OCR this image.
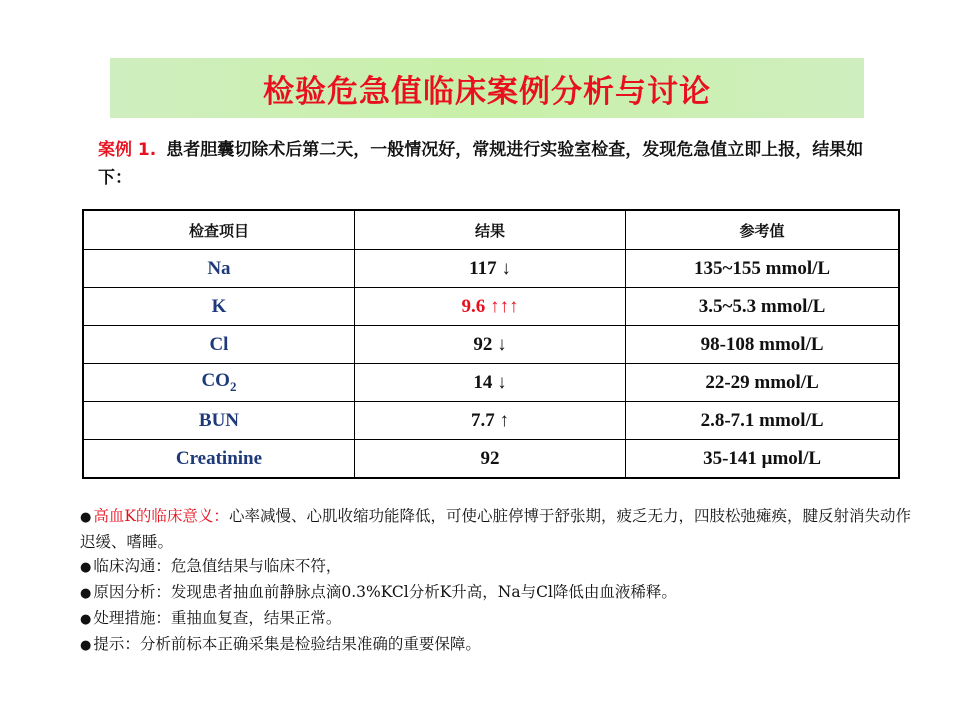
检验危急值临床案例分析与讨论
案例 1. 患者胆囊切除术后第二天，一般情况好，常规进行实验室检查，发现危急值立即上报，结果如下：
检查项目	结果	参考值
Na	117 ↓	135~155 mmol/L
K	9.6 ↑↑↑	3.5~5.3 mmol/L
Cl	92 ↓	98-108 mmol/L
$CO_2$	14 ↓	22-29 mmol/L
BUN	7.7 ↑	2.8-7.1 mmol/L
Creatinine	92	35-141 μmol/L

● 高血K的临床意义：心率减慢、心肌收缩功能降低，可使心脏停博于舒张期，疲乏无力，四肢松弛瘫痪，腱反射消失动作迟缓、嗜睡。

● 临床沟通：危急值结果与临床不符，

● 原因分析：发现患者抽血前静脉点滴0.3%KCl分析K升高，Na与Cl降低由血液稀释。

● 处理措施：重抽血复查，结果正常。

● 提示：分析前标本正确采集是检验结果准确的重要保障。
